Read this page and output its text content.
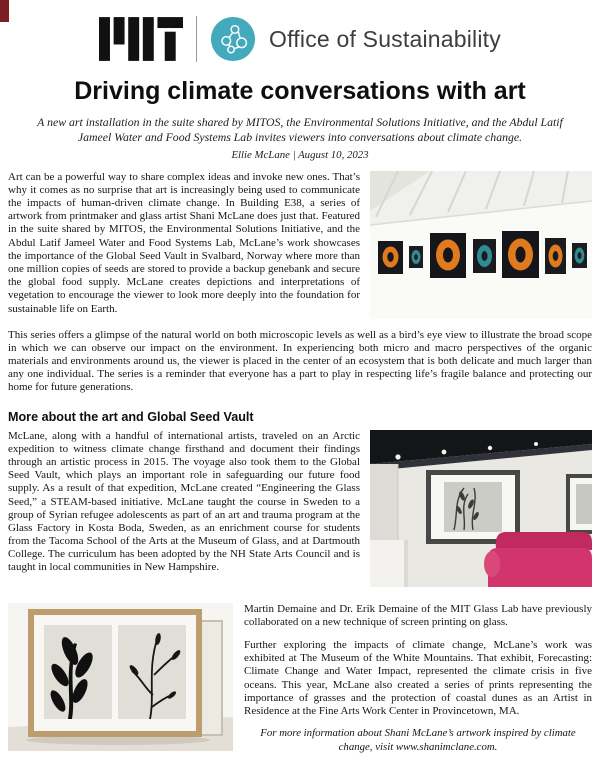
Office of Sustainability
Driving climate conversations with art

A new art installation in the suite shared by MITOS, the Environmental Solutions Initiative, and the Abdul Latif Jameel Water and Food Systems Lab invites viewers into conversations about climate change.

Ellie McLane | August 10, 2023

Art can be a powerful way to share complex ideas and invoke new ones. That’s why it comes as no surprise that art is increasingly being used to communicate the impacts of human-driven climate change. In Building E38, a series of artwork from printmaker and glass artist Shani McLane does just that. Featured in the suite shared by MITOS, the Environmental Solutions Initiative, and the Abdul Latif Jameel Water and Food Systems Lab, McLane’s work showcases the importance of the Global Seed Vault in Svalbard, Norway where more than one million copies of seeds are stored to provide a backup genebank and secure the global food supply. McLane creates depictions and interpretations of vegetation to encourage the viewer to look more deeply into the foundation for sustainable life on Earth.

This series offers a glimpse of the natural world on both microscopic levels as well as a bird’s eye view to illustrate the broad scope in which we can observe our impact on the environment. In experiencing both micro and macro perspectives of the organic materials and environments around us, the viewer is placed in the center of an ecosystem that is both delicate and much larger than any one individual. The series is a reminder that everyone has a part to play in respecting life’s fragile balance and protecting our home for future generations.

More about the art and Global Seed Vault

McLane, along with a handful of international artists, traveled on an Arctic expedition to witness climate change firsthand and document their findings through an artistic process in 2015. The voyage also took them to the Global Seed Vault, which plays an important role in safeguarding our future food supply. As a result of that expedition, McLane created “Engineering the Glass Seed,” a STEAM-based initiative. McLane taught the course in Sweden to a group of Syrian refugee adolescents as part of an art and trauma program at the Glass Factory in Kosta Boda, Sweden, as an enrichment course for students from the Tacoma School of the Arts at the Museum of Glass, and at Dartmouth College. The curriculum has been adopted by the NH State Arts Council and is taught in local communities in New Hampshire.

Martin Demaine and Dr. Erik Demaine of the MIT Glass Lab have previously collaborated on a new technique of screen printing on glass.

Further exploring the impacts of climate change, McLane’s work was exhibited at The Museum of the White Mountains. That exhibit, Forecasting: Climate Change and Water Impact, represented the climate crisis in five oceans. This year, McLane also created a series of prints representing the importance of grasses and the protection of coastal dunes as an Artist in Residence at the Fine Arts Work Center in Provincetown, MA.

For more information about Shani McLane’s artwork inspired by climate change, visit www.shanimclane.com.
